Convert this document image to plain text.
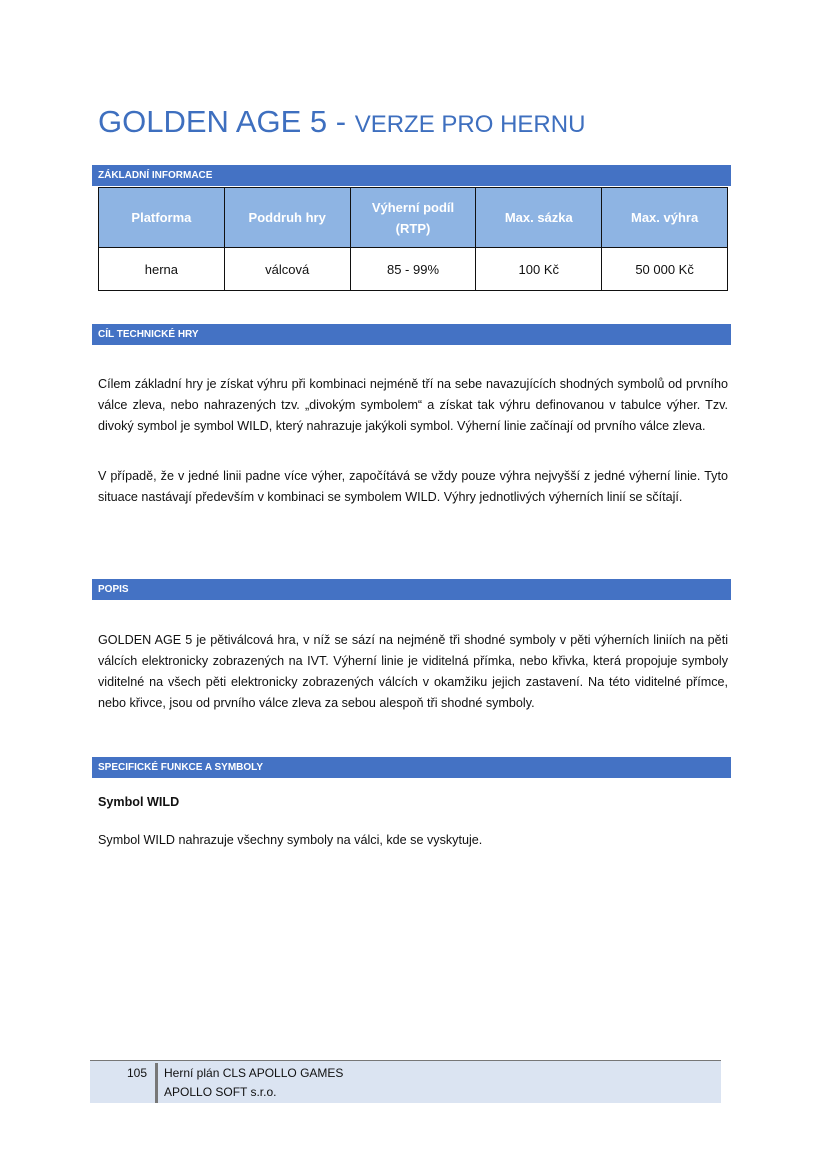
GOLDEN AGE 5 - VERZE PRO HERNU
ZÁKLADNÍ INFORMACE
Platforma	Poddruh hry	Výherní podíl (RTP)	Max. sázka	Max. výhra
herna	válcová	85 - 99%	100 Kč	50 000 Kč
CÍL TECHNICKÉ HRY

Cílem základní hry je získat výhru při kombinaci nejméně tří na sebe navazujících shodných symbolů od prvního válce zleva, nebo nahrazených tzv. „divokým symbolem“ a získat tak výhru definovanou v tabulce výher. Tzv. divoký symbol je symbol WILD, který nahrazuje jakýkoli symbol. Výherní linie začínají od prvního válce zleva.

V případě, že v jedné linii padne více výher, započítává se vždy pouze výhra nejvyšší z jedné výherní linie. Tyto situace nastávají především v kombinaci se symbolem WILD. Výhry jednotlivých výherních linií se sčítají.

POPIS

GOLDEN AGE 5 je pětiválcová hra, v níž se sází na nejméně tři shodné symboly v pěti výherních liniích na pěti válcích elektronicky zobrazených na IVT. Výherní linie je viditelná přímka, nebo křivka, která propojuje symboly viditelné na všech pěti elektronicky zobrazených válcích v okamžiku jejich zastavení. Na této viditelné přímce, nebo křivce, jsou od prvního válce zleva za sebou alespoň tři shodné symboly.

SPECIFICKÉ FUNKCE A SYMBOLY

Symbol WILD

Symbol WILD nahrazuje všechny symboly na válci, kde se vyskytuje.

105 Herní plán CLS APOLLO GAMES
APOLLO SOFT s.r.o.
